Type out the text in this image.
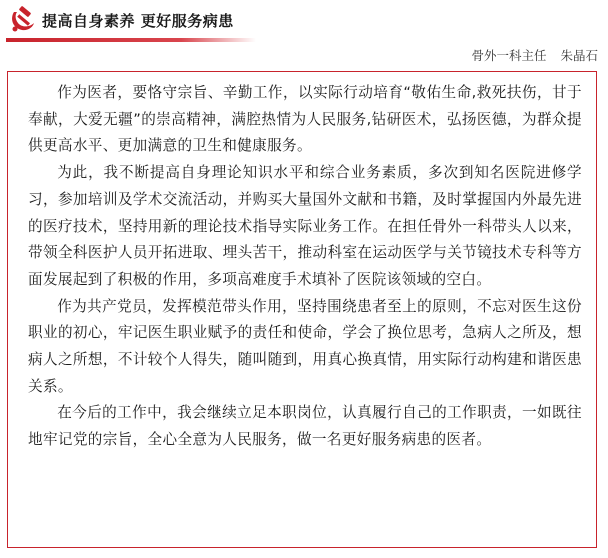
提高自身素养 更好服务病患
骨外一科主任 朱晶石

作为医者，要恪守宗旨、辛勤工作，以实际行动培育“敬佑生命,救死扶伤，甘于奉献，大爱无疆”的崇高精神，满腔热情为人民服务,钻研医术，弘扬医德，为群众提供更高水平、更加满意的卫生和健康服务。

为此，我不断提高自身理论知识水平和综合业务素质，多次到知名医院进修学习，参加培训及学术交流活动，并购买大量国外文献和书籍，及时掌握国内外最先进的医疗技术，坚持用新的理论技术指导实际业务工作。在担任骨外一科带头人以来，带领全科医护人员开拓进取、埋头苦干，推动科室在运动医学与关节镜技术专科等方面发展起到了积极的作用，多项高难度手术填补了医院该领域的空白。

作为共产党员，发挥模范带头作用，坚持围绕患者至上的原则，不忘对医生这份职业的初心，牢记医生职业赋予的责任和使命，学会了换位思考，急病人之所及，想病人之所想，不计较个人得失，随叫随到，用真心换真情，用实际行动构建和谐医患关系。

在今后的工作中，我会继续立足本职岗位，认真履行自己的工作职责，一如既往地牢记党的宗旨，全心全意为人民服务，做一名更好服务病患的医者。
